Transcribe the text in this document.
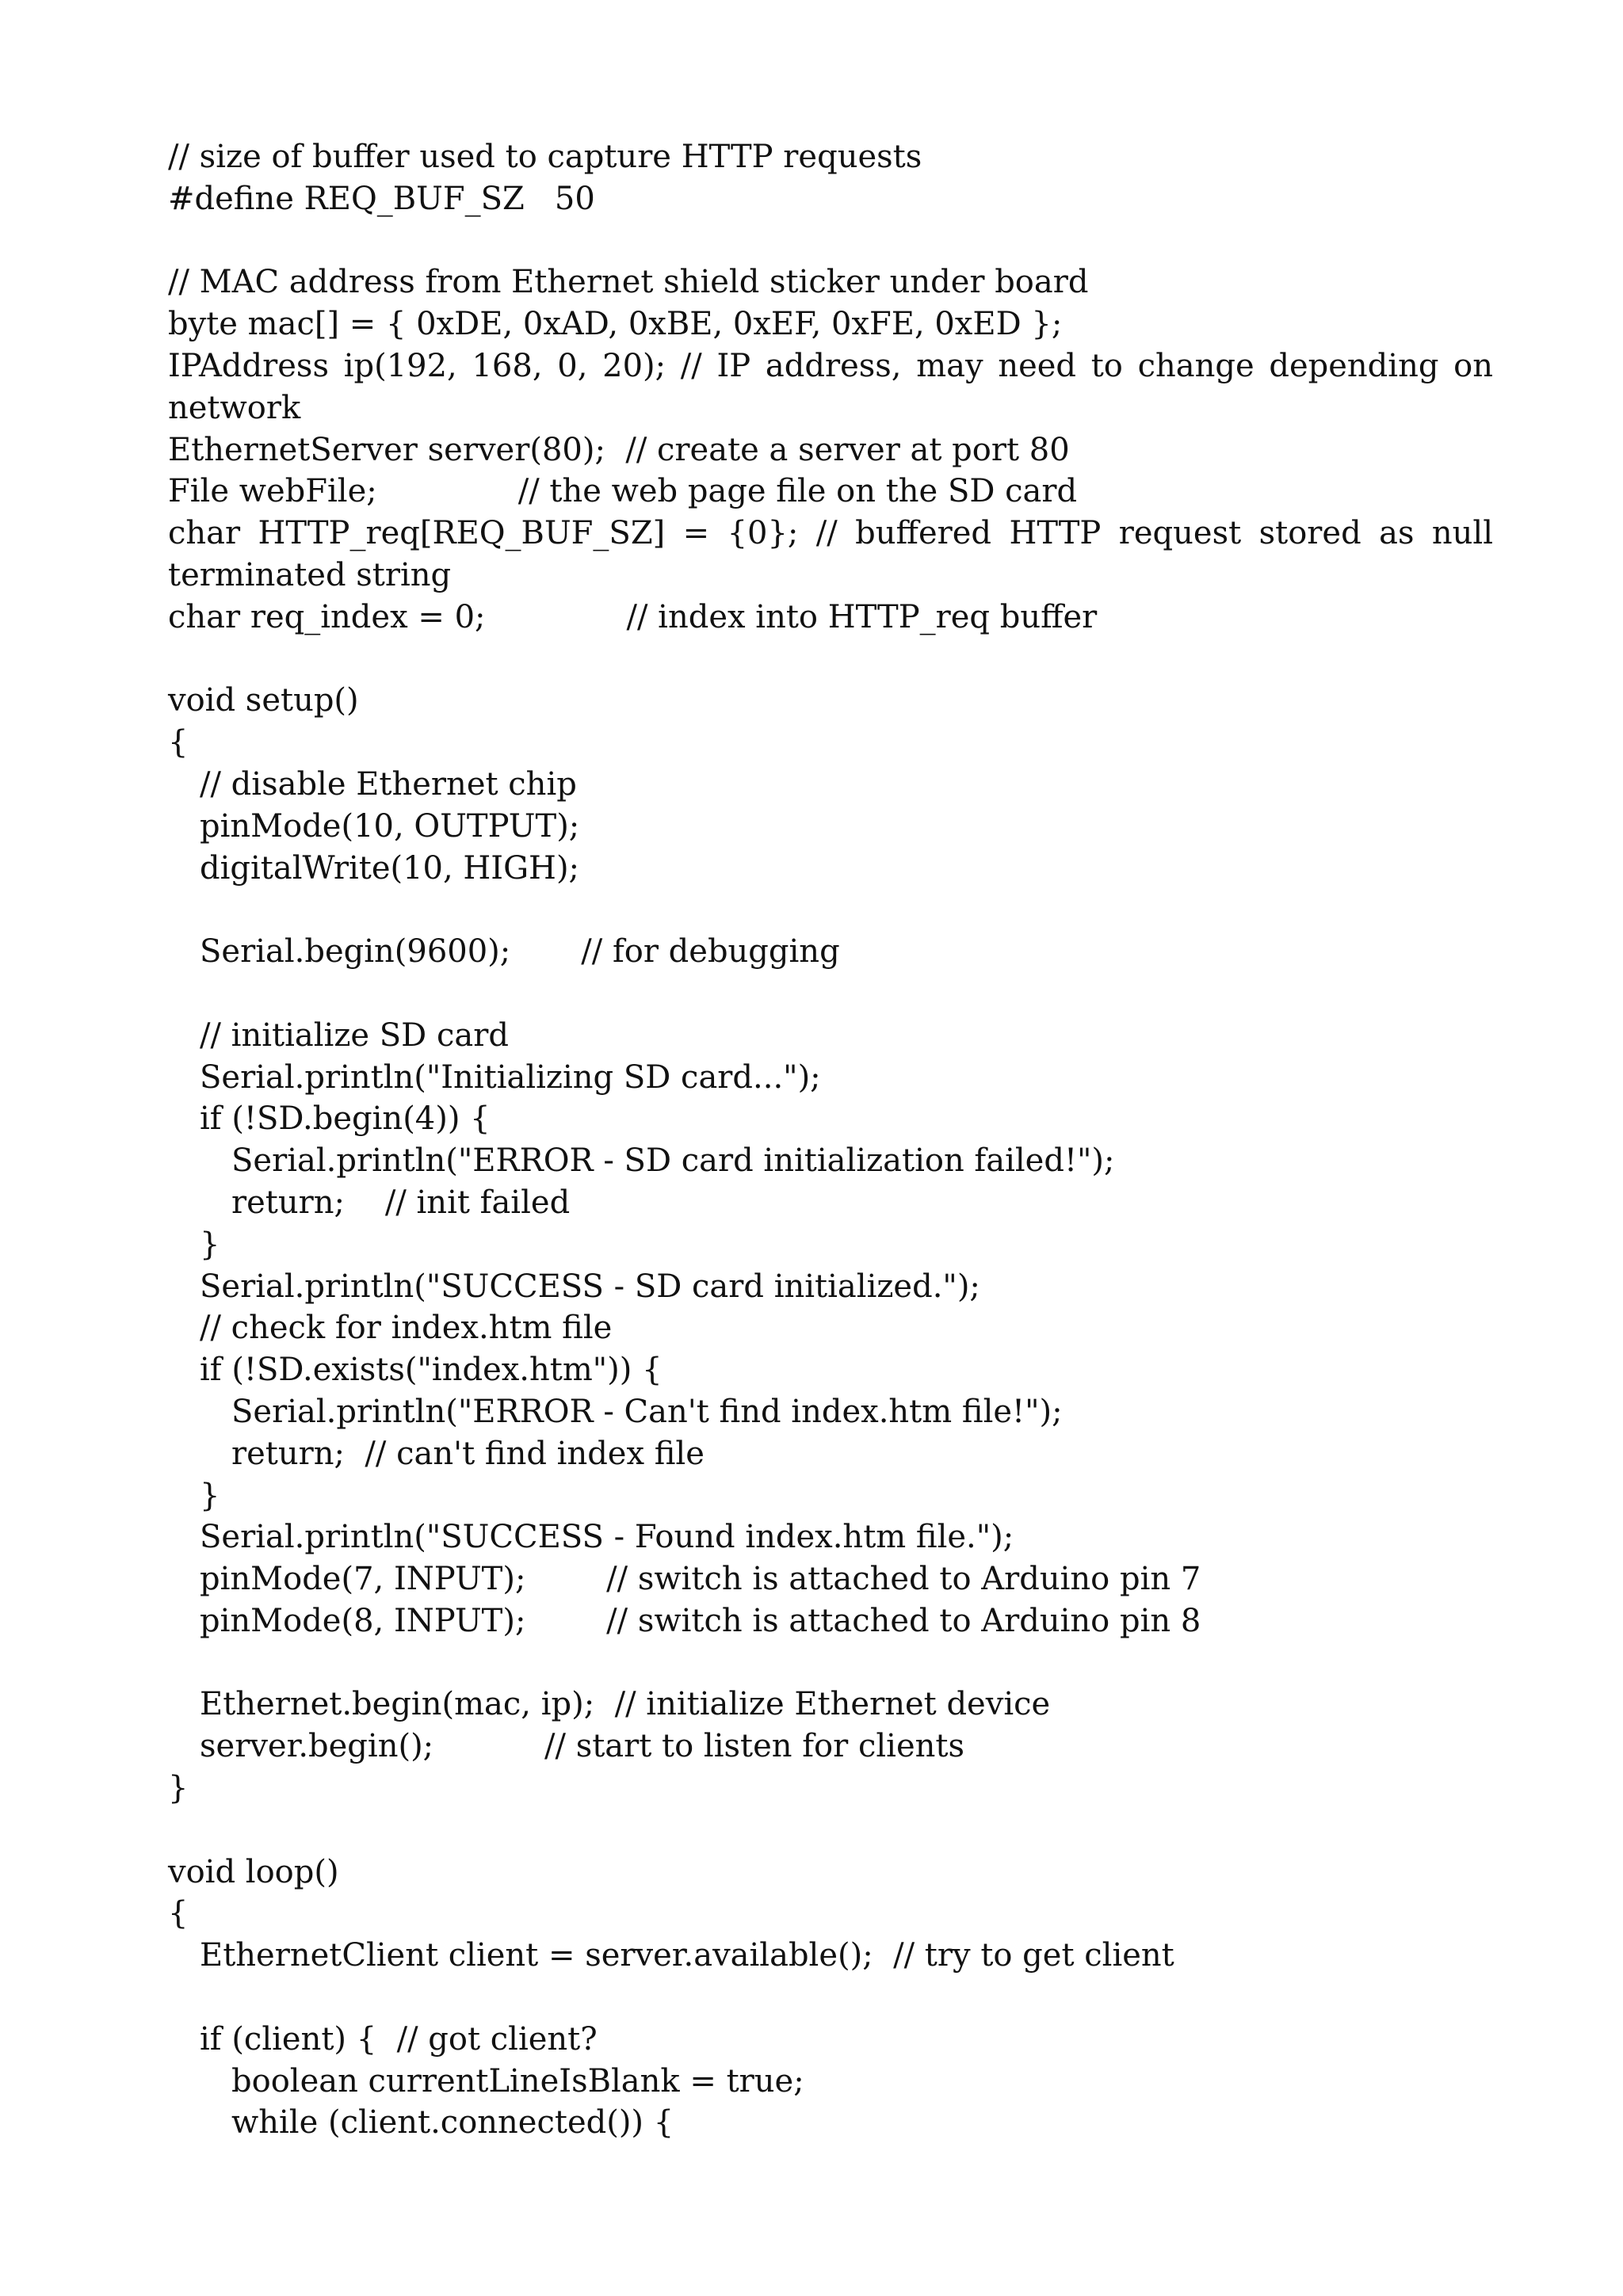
// size of buffer used to capture HTTP requests
#define REQ_BUF_SZ   50
// MAC address from Ethernet shield sticker under board
byte mac[] = { 0xDE, 0xAD, 0xBE, 0xEF, 0xFE, 0xED };
IPAddress ip(192, 168, 0, 20); // IP address, may need to change depending on
network
EthernetServer server(80);  // create a server at port 80
File webFile;              // the web page file on the SD card
char HTTP_req[REQ_BUF_SZ] = {0}; // buffered HTTP request stored as null
terminated string
char req_index = 0;              // index into HTTP_req buffer
void setup()
{
// disable Ethernet chip
pinMode(10, OUTPUT);
digitalWrite(10, HIGH);
Serial.begin(9600);       // for debugging
// initialize SD card
Serial.println("Initializing SD card...");
if (!SD.begin(4)) {
Serial.println("ERROR - SD card initialization failed!");
return;    // init failed
}
Serial.println("SUCCESS - SD card initialized.");
// check for index.htm file
if (!SD.exists("index.htm")) {
Serial.println("ERROR - Can't find index.htm file!");
return;  // can't find index file
}
Serial.println("SUCCESS - Found index.htm file.");
pinMode(7, INPUT);        // switch is attached to Arduino pin 7
pinMode(8, INPUT);        // switch is attached to Arduino pin 8
Ethernet.begin(mac, ip);  // initialize Ethernet device
server.begin();           // start to listen for clients
}
void loop()
{
EthernetClient client = server.available();  // try to get client
if (client) {  // got client?
boolean currentLineIsBlank = true;
while (client.connected()) {
